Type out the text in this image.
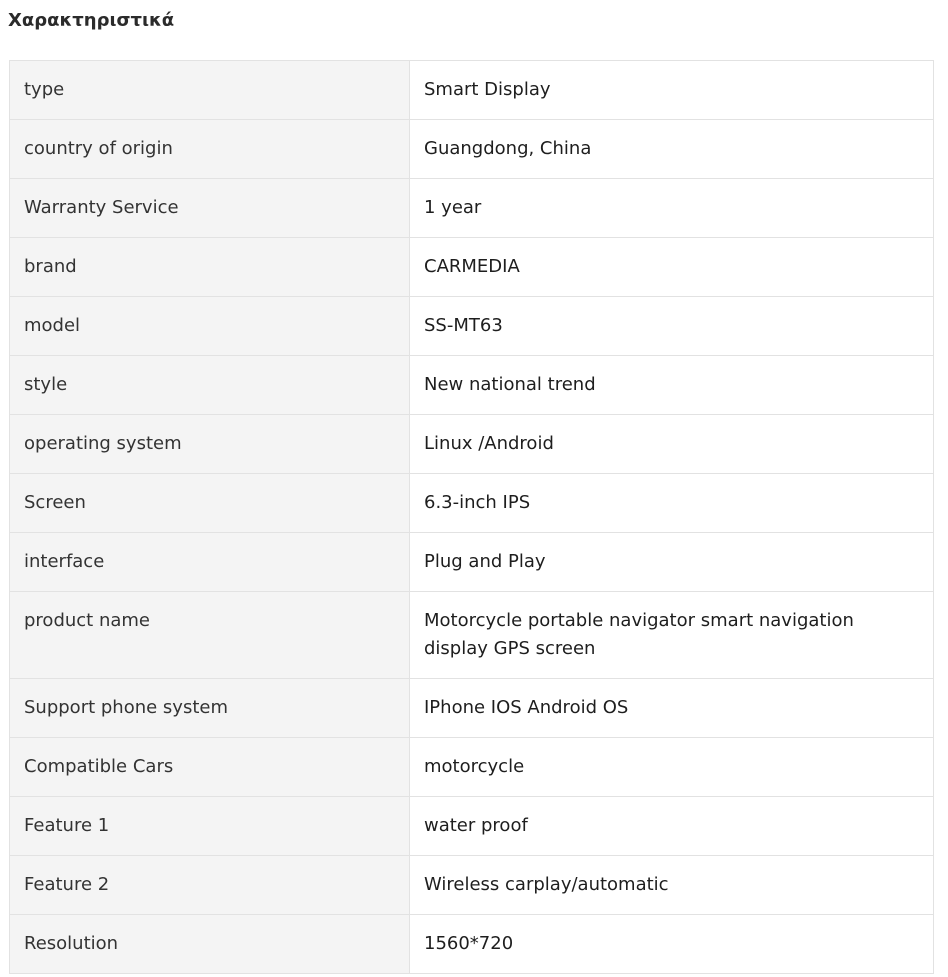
Χαρακτηριστικά
type	Smart Display
country of origin	Guangdong, China
Warranty Service	1 year
brand	CARMEDIA
model	SS-MT63
style	New national trend
operating system	Linux /Android
Screen	6.3-inch IPS
interface	Plug and Play
product name	Motorcycle portable navigator smart navigation display GPS screen
Support phone system	IPhone IOS Android OS
Compatible Cars	motorcycle
Feature 1	water proof
Feature 2	Wireless carplay/automatic
Resolution	1560*720
